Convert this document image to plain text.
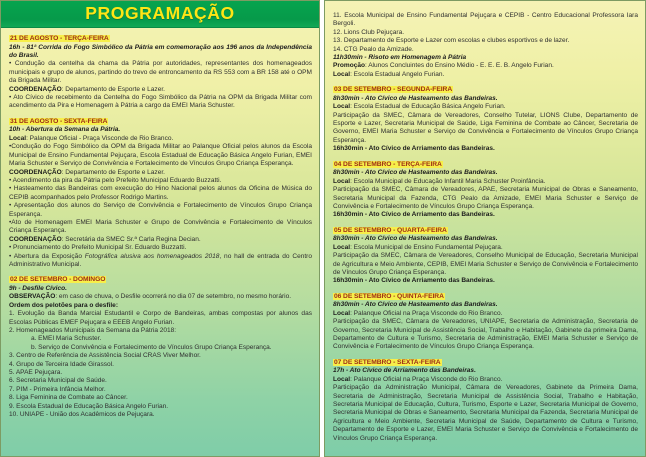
PROGRAMAÇÃO

21 DE AGOSTO - TERÇA-FEIRA

16h - 81ª Corrida do Fogo Simbólico da Pátria em comemoração aos 196 anos da Independência do Brasil.

• Condução da centelha da chama da Pátria por autoridades, representantes dos homenageados municipais e grupo de alunos, partindo do trevo de entroncamento da RS 553 com a BR 158 até o OPM da Brigada Militar.

COORDENAÇÃO: Departamento de Esporte e Lazer.

• Ato Cívico de recebimento da Centelha do Fogo Simbólico da Pátria na OPM da Brigada Militar com acendimento da Pira e Homenagem à Pátria a cargo da EMEI Maria Schuster.

31 DE AGOSTO - SEXTA-FEIRA

10h - Abertura da Semana da Pátria.

Local: Palanque Oficial - Praça Visconde de Rio Branco.

•Condução do Fogo Simbólico da OPM da Brigada Militar ao Palanque Oficial pelos alunos da Escola Municipal de Ensino Fundamental Pejuçara, Escola Estadual de Educação Básica Angelo Furian, EMEI Maria Schuster e Serviço de Convivência e Fortalecimento de Vínculos Grupo Criança Esperança.

COORDENAÇÃO: Departamento de Esporte e Lazer.

• Acendimento da pira da Pátria pelo Prefeito Municipal Eduardo Buzzatti.

• Hasteamento das Bandeiras com execução do Hino Nacional pelos alunos da Oficina de Música do CEPIB acompanhados pelo Professor Rodrigo Martins.

• Apresentação dos alunos do Serviço de Convivência e Fortalecimento de Vínculos Grupo Criança Esperança.

•Ato de Homenagem EMEI Maria Schuster e Grupo de Convivência e Fortalecimento de Vínculos Criança Esperança.

COORDENAÇÃO: Secretária da SMEC Sr.ª Carla Regina Decian.

• Pronunciamento do Prefeito Municipal Sr. Eduardo Buzzatti.

• Abertura da Exposição Fotográfica alusiva aos homenageados 2018, no hall de entrada do Centro Administrativo Municipal.

02 DE SETEMBRO - DOMINGO

9h - Desfile Cívico.

OBSERVAÇÃO: em caso de chuva, o Desfile ocorrerá no dia 07 de setembro, no mesmo horário.

Ordem dos pelotões para o desfile:

1. Evolução da Banda Marcial Estudantil e Corpo de Bandeiras, ambas compostas por alunos das Escolas Públicas EMEF Pejuçara e EEEB Angelo Furian.

2. Homenageados Municipais da Semana da Pátria 2018:

a. EMEI Maria Schuster.

b. Serviço de Convivência e Fortalecimento de Vínculos Grupo Criança Esperança.

3. Centro de Referência de Assistência Social CRAS Viver Melhor.

4. Grupo de Terceira Idade Girassol.

5. APAE Pejuçara.

6. Secretaria Municipal de Saúde.

7. PIM - Primeira Infância Melhor.

8. Liga Feminina de Combate ao Câncer.

9. Escola Estadual de Educação Básica Angelo Furian.

10. UNIAPE - União dos Acadêmicos de Pejuçara.

11. Escola Municipal de Ensino Fundamental Pejuçara e CEPIB - Centro Educacional Professora Iara Bergoli.

12. Lions Club Pejuçara.

13. Departamento de Esporte e Lazer com escolas e clubes esportivos e de lazer.

14. CTG Pealo da Amizade.

11h30min - Risoto em Homenagem à Pátria

Promoção: Alunos Concluintes do Ensino Médio - E. E. E. B. Angelo Furian.

Local: Escola Estadual Angelo Furian.

03 DE SETEMBRO - SEGUNDA-FEIRA

8h30min - Ato Cívico de Hasteamento das Bandeiras.

Local: Escola Estadual de Educação Básica Angelo Furian.

Participação da SMEC, Câmara de Vereadores, Conselho Tutelar, LIONS Clube, Departamento de Esporte e Lazer, Secretaria Municipal de Saúde, Liga Feminina de Combate ao Câncer, Secretaria de Governo, EMEI Maria Schuster e Serviço de Convivência e Fortalecimento de Vínculos Grupo Criança Esperança.

16h30min - Ato Cívico de Arriamento das Bandeiras.

04 DE SETEMBRO - TERÇA-FEIRA

8h30min - Ato Cívico de Hasteamento das Bandeiras.

Local: Escola Municipal de Educação Infantil Maria Schuster Proinfância.

Participação da SMEC, Câmara de Vereadores, APAE, Secretaria Municipal de Obras e Saneamento, Secretaria Municipal da Fazenda, CTG Pealo da Amizade, EMEI Maria Schuster e Serviço de Convivência e Fortalecimento de Vínculos Grupo Criança Esperança.

16h30min - Ato Cívico de Arriamento das Bandeiras.

05 DE SETEMBRO - QUARTA-FEIRA

8h30min - Ato Cívico de Hasteamento das Bandeiras.

Local: Escola Municipal de Ensino Fundamental Pejuçara.

Participação da SMEC, Câmara de Vereadores, Conselho Municipal de Educação, Secretaria Municipal de Agricultura e Meio Ambiente, CEPIB, EMEI Maria Schuster e Serviço de Convivência e Fortalecimento de Vínculos Grupo Criança Esperança.

16h30min - Ato Cívico de Arriamento das Bandeiras.

06 DE SETEMBRO - QUINTA-FEIRA

8h30min - Ato Cívico de Hasteamento das Bandeiras.

Local: Palanque Oficial na Praça Visconde do Rio Branco.

Participação da SMEC, Câmara de Vereadores, UNIAPE, Secretaria de Administração, Secretaria de Governo, Secretaria Municipal de Assistência Social, Trabalho e Habitação, Gabinete da primeira Dama, Departamento de Cultura e Turismo, Secretaria de Administração, EMEI Maria Schuster e Serviço de Convivência e Fortalecimento de Vínculos Grupo Criança Esperança.

07 DE SETEMBRO - SEXTA-FEIRA

17h - Ato Cívico de Arriamento das Bandeiras.

Local: Palanque Oficial na Praça Visconde do Rio Branco.

Participação da Administração Municipal, Câmara de Vereadores, Gabinete da Primeira Dama, Secretaria de Administração, Secretaria Municipal de Assistência Social, Trabalho e Habitação, Secretaria Municipal de Educação, Cultura, Turismo, Esporte e Lazer, Secretaria Municipal de Governo, Secretaria Municipal de Obras e Saneamento, Secretaria Municipal da Fazenda, Secretaria Municipal de Agricultura e Meio Ambiente, Secretaria Municipal de Saúde, Departamento de Cultura e Turismo, Departamento de Esporte e Lazer, EMEI Maria Schuster e Serviço de Convivência e Fortalecimento de Vínculos Grupo Criança Esperança.
